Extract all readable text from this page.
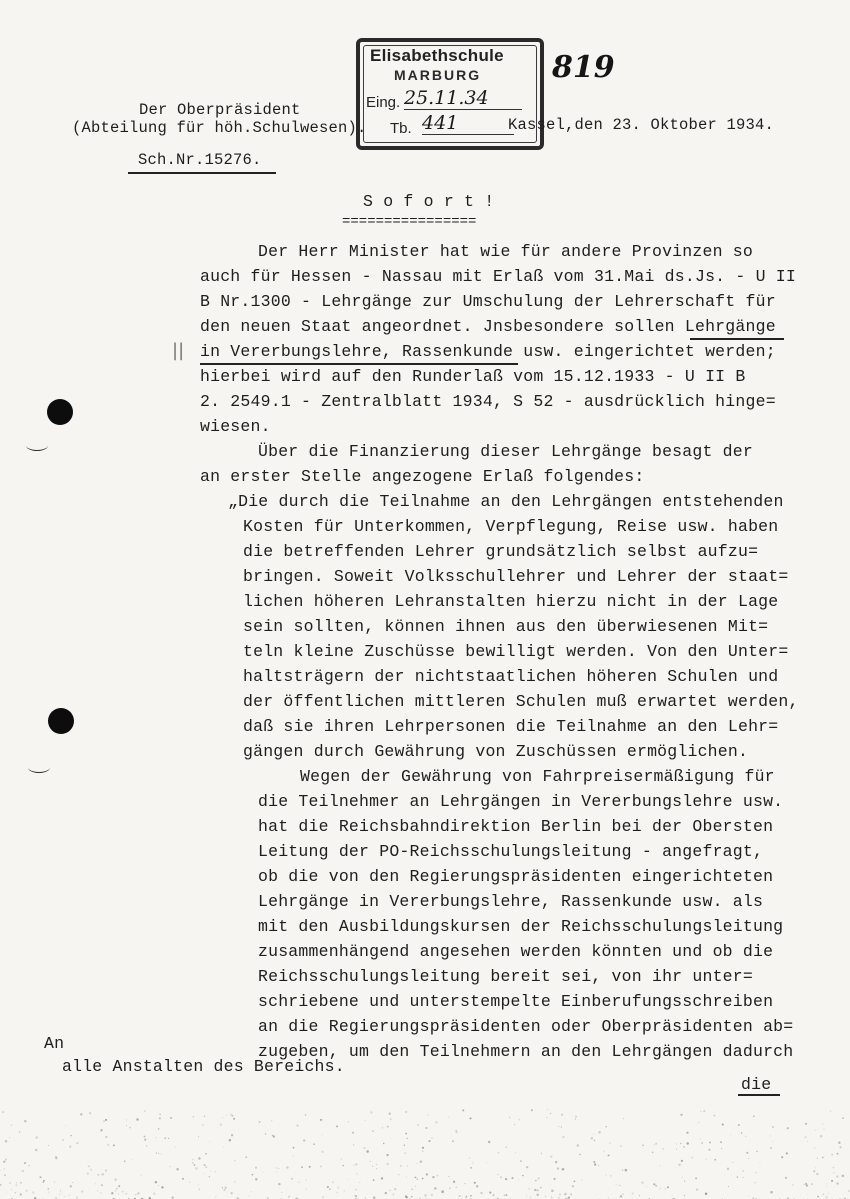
Der Oberpräsident
(Abteilung für höh.Schulwesen).
Sch.Nr.15276.
Elisabethschule
MARBURG
Eing. 25.11.34
Tb. 441
819
Kassel,den 23. Oktober 1934.
S o f o r t !
================
||
Der Herr Minister hat wie für andere Provinzen so
auch für Hessen - Nassau mit Erlaß vom 31.Mai ds.Js. - U II
B Nr.1300 - Lehrgänge zur Umschulung der Lehrerschaft für
den neuen Staat angeordnet. Jnsbesondere sollen Lehrgänge
in Vererbungslehre, Rassenkunde usw. eingerichtet werden;
hierbei wird auf den Runderlaß vom 15.12.1933 - U II B
2. 2549.1 - Zentralblatt 1934, S 52 - ausdrücklich hinge=
wiesen.
Über die Finanzierung dieser Lehrgänge besagt der
an erster Stelle angezogene Erlaß folgendes:
„Die durch die Teilnahme an den Lehrgängen entstehenden
Kosten für Unterkommen, Verpflegung, Reise usw. haben
die betreffenden Lehrer grundsätzlich selbst aufzu=
bringen. Soweit Volksschullehrer und Lehrer der staat=
lichen höheren Lehranstalten hierzu nicht in der Lage
sein sollten, können ihnen aus den überwiesenen Mit=
teln kleine Zuschüsse bewilligt werden. Von den Unter=
haltsträgern der nichtstaatlichen höheren Schulen und
der öffentlichen mittleren Schulen muß erwartet werden,
daß sie ihren Lehrpersonen die Teilnahme an den Lehr=
gängen durch Gewährung von Zuschüssen ermöglichen.
Wegen der Gewährung von Fahrpreisermäßigung für
die Teilnehmer an Lehrgängen in Vererbungslehre usw.
hat die Reichsbahndirektion Berlin bei der Obersten
Leitung der PO-Reichsschulungsleitung - angefragt,
ob die von den Regierungspräsidenten eingerichteten
Lehrgänge in Vererbungslehre, Rassenkunde usw. als
mit den Ausbildungskursen der Reichsschulungsleitung
zusammenhängend angesehen werden könnten und ob die
Reichsschulungsleitung bereit sei, von ihr unter=
schriebene und unterstempelte Einberufungsschreiben
an die Regierungspräsidenten oder Oberpräsidenten ab=
zugeben, um den Teilnehmern an den Lehrgängen dadurch
An
alle Anstalten des Bereichs.
die
